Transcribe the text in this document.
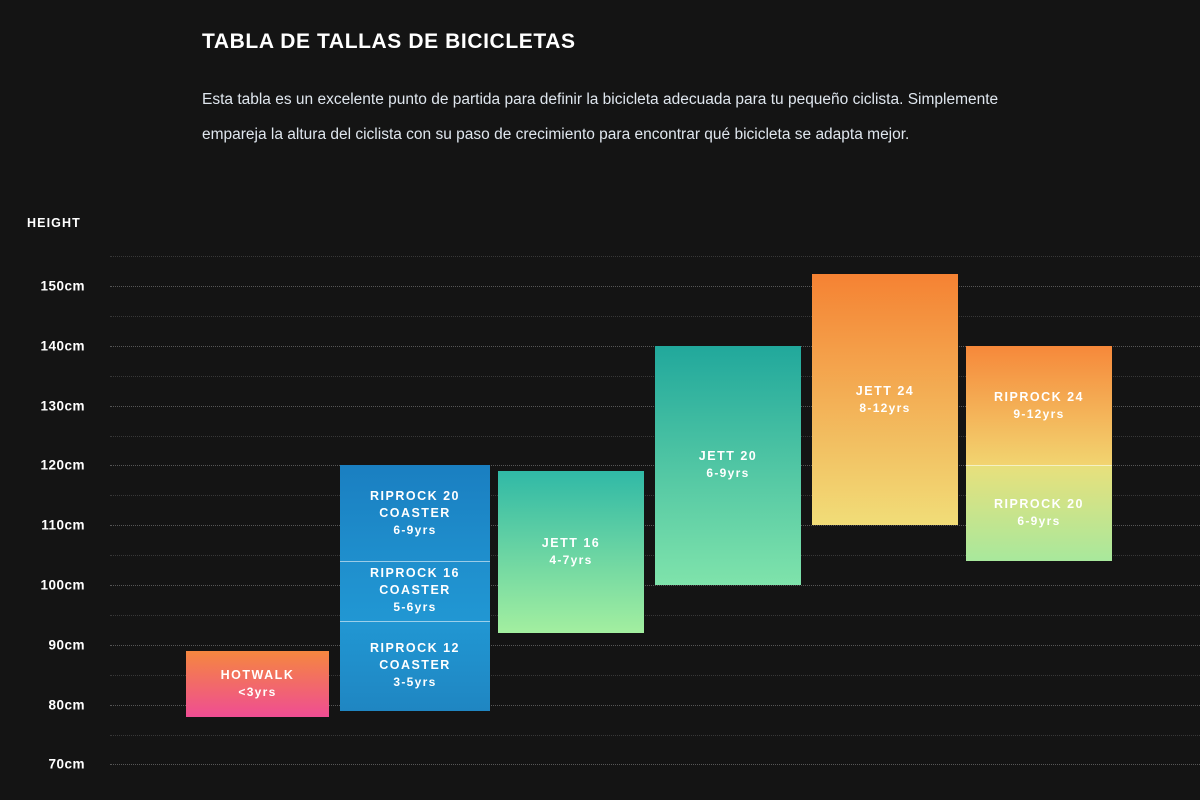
TABLA DE TALLAS DE BICICLETAS
Esta tabla es un excelente punto de partida para definir la bicicleta adecuada para tu pequeño ciclista. Simplemente empareja la altura del ciclista con su paso de crecimiento para encontrar qué bicicleta se adapta mejor.
HEIGHT
150cm
140cm
130cm
120cm
110cm
100cm
90cm
80cm
70cm
HOTWALK
<3yrs
RIPROCK 20 COASTER
6-9yrs
RIPROCK 16 COASTER
5-6yrs
RIPROCK 12 COASTER
3-5yrs
JETT 16
4-7yrs
JETT 20
6-9yrs
JETT 24
8-12yrs
RIPROCK 24
9-12yrs
RIPROCK 20
6-9yrs
